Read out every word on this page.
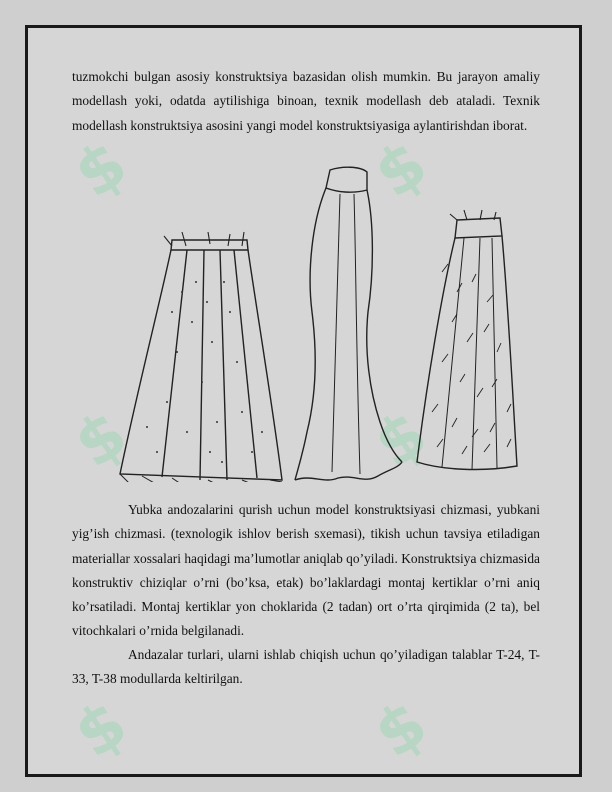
$	$
$	$
$	$

tuzmokchi bulgan asosiy konstruktsiya bazasidan olish mumkin. Bu jarayon amaliy modellash yoki, odatda aytilishiga binoan, texnik modellash deb ataladi. Texnik modellash konstruktsiya asosini yangi model konstruktsiyasiga aylantirishdan iborat.

Yubka andozalarini qurish uchun model konstruktsiyasi chizmasi, yubkani yig’ish chizmasi. (texnologik ishlov berish sxemasi), tikish uchun tavsiya etiladigan materiallar xossalari haqidagi ma’lumotlar aniqlab qo’yiladi. Konstruktsiya chizmasida konstruktiv chiziqlar o’rni (bo’ksa, etak) bo’laklardagi montaj kertiklar o’rni aniq ko’rsatiladi. Montaj kertiklar yon choklarida (2 tadan) ort o’rta qirqimida (2 ta), bel vitochkalari o’rnida belgilanadi.

Andazalar turlari, ularni ishlab chiqish uchun qo’yiladigan talablar T-24, T-33, T-38 modullarda keltirilgan.
